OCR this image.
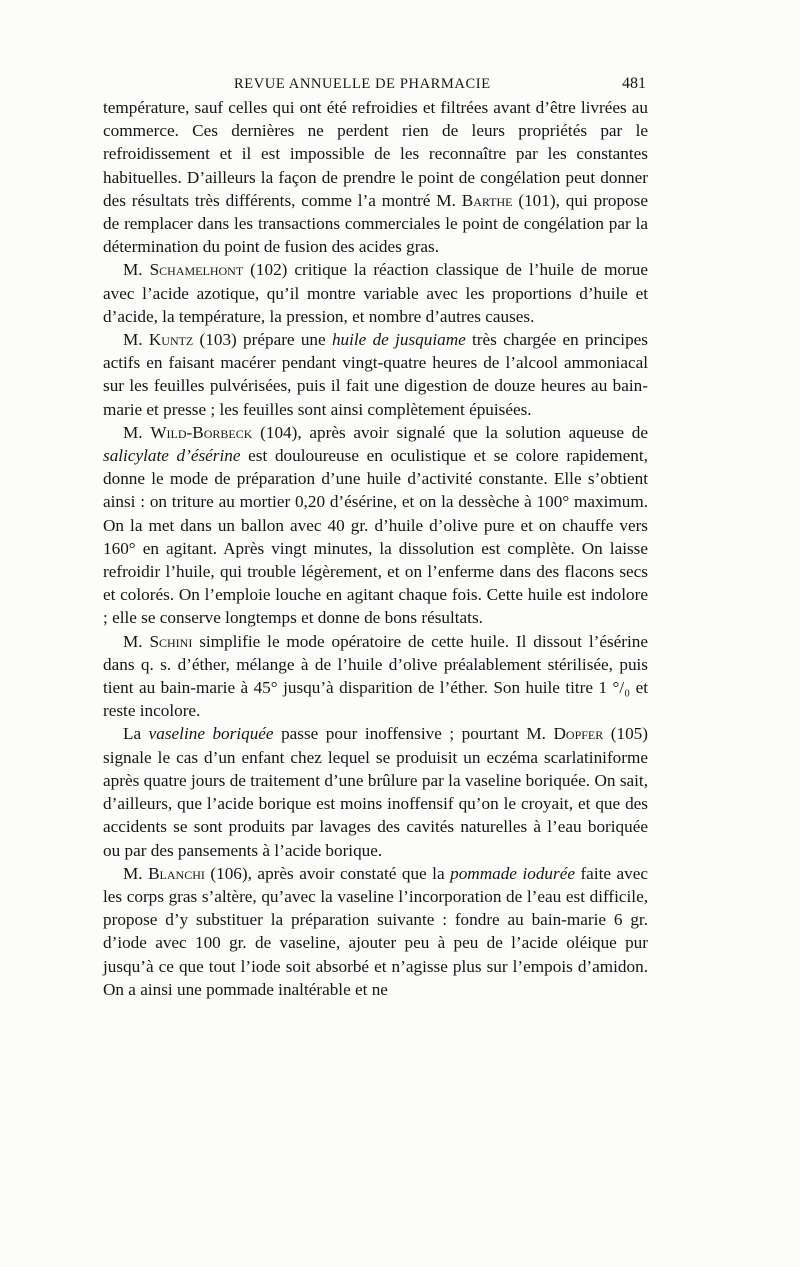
REVUE ANNUELLE DE PHARMACIE	481

température, sauf celles qui ont été refroidies et filtrées avant d’être livrées au commerce. Ces dernières ne perdent rien de leurs propriétés par le refroidissement et il est impossible de les reconnaître par les constantes habituelles. D’ailleurs la façon de prendre le point de congélation peut donner des résultats très différents, comme l’a montré M. Barthe (101), qui propose de remplacer dans les transactions commerciales le point de congélation par la détermination du point de fusion des acides gras.

M. Schamelhont (102) critique la réaction classique de l’huile de morue avec l’acide azotique, qu’il montre variable avec les proportions d’huile et d’acide, la température, la pression, et nombre d’autres causes.

M. Kuntz (103) prépare une huile de jusquiame très chargée en principes actifs en faisant macérer pendant vingt-quatre heures de l’alcool ammoniacal sur les feuilles pulvérisées, puis il fait une digestion de douze heures au bain-marie et presse ; les feuilles sont ainsi complètement épuisées.

M. Wild-Borbeck (104), après avoir signalé que la solution aqueuse de salicylate d’ésérine est douloureuse en oculistique et se colore rapidement, donne le mode de préparation d’une huile d’activité constante. Elle s’obtient ainsi : on triture au mortier 0,20 d’ésérine, et on la dessèche à 100° maximum. On la met dans un ballon avec 40 gr. d’huile d’olive pure et on chauffe vers 160° en agitant. Après vingt minutes, la dissolution est complète. On laisse refroidir l’huile, qui trouble légèrement, et on l’enferme dans des flacons secs et colorés. On l’emploie louche en agitant chaque fois. Cette huile est indolore ; elle se conserve longtemps et donne de bons résultats.

M. Schini simplifie le mode opératoire de cette huile. Il dissout l’ésérine dans q. s. d’éther, mélange à de l’huile d’olive préalablement stérilisée, puis tient au bain-marie à 45° jusqu’à disparition de l’éther. Son huile titre 1 °/₀ et reste incolore.

La vaseline boriquée passe pour inoffensive ; pourtant M. Dopfer (105) signale le cas d’un enfant chez lequel se produisit un eczéma scarlatiniforme après quatre jours de traitement d’une brûlure par la vaseline boriquée. On sait, d’ailleurs, que l’acide borique est moins inoffensif qu’on le croyait, et que des accidents se sont produits par lavages des cavités naturelles à l’eau boriquée ou par des pansements à l’acide borique.

M. Blanchi (106), après avoir constaté que la pommade iodurée faite avec les corps gras s’altère, qu’avec la vaseline l’incorporation de l’eau est difficile, propose d’y substituer la préparation suivante : fondre au bain-marie 6 gr. d’iode avec 100 gr. de vaseline, ajouter peu à peu de l’acide oléique pur jusqu’à ce que tout l’iode soit absorbé et n’agisse plus sur l’empois d’amidon. On a ainsi une pommade inaltérable et ne
